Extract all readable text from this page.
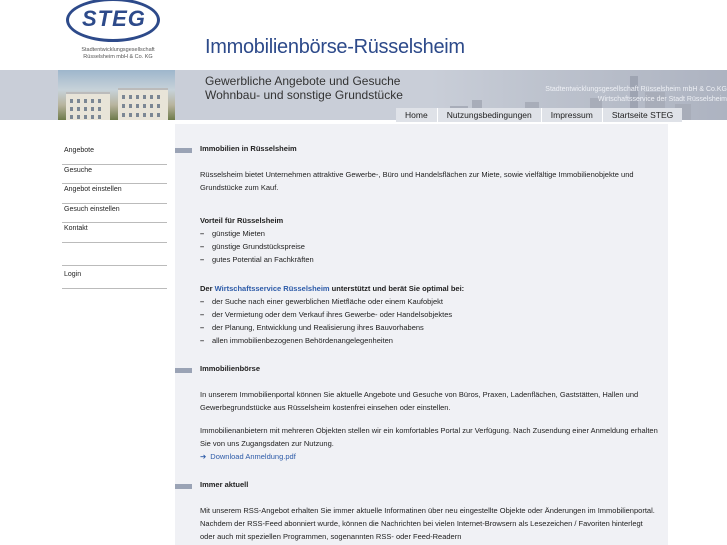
STEG
Stadtentwicklungsgesellschaft
Rüsselsheim mbH & Co. KG	Immobilienbörse-Rüsselsheim
Gewerbliche Angebote und Gesuche
Wohnbau- und sonstige Grundstücke	Stadtentwicklungsgesellschaft Rüsselsheim mbH & Co.KG
Wirtschaftsservice der Stadt Rüsselsheim
Home	Nutzungsbedingungen	Impressum	Startseite STEG
Angebote
Gesuche
Angebot einstellen
Gesuch einstellen
Kontakt
Login
Immobilien in Rüsselsheim
Rüsselsheim bietet Unternehmen attraktive Gewerbe-, Büro und Handelsflächen zur Miete, sowie vielfältige Immobilienobjekte und Grundstücke zum Kauf.
Vorteil für Rüsselsheim
– günstige Mieten
– günstige Grundstückspreise
– gutes Potential an Fachkräften
Der Wirtschaftsservice Rüsselsheim unterstützt und berät Sie optimal bei:
– der Suche nach einer gewerblichen Mietfläche oder einem Kaufobjekt
– der Vermietung oder dem Verkauf ihres Gewerbe- oder Handelsobjektes
– der Planung, Entwicklung und Realisierung ihres Bauvorhabens
– allen immobilienbezogenen Behördenangelegenheiten
Immobilienbörse
In unserem Immobilienportal können Sie aktuelle Angebote und Gesuche von Büros, Praxen, Ladenflächen, Gaststätten, Hallen und Gewerbegrundstücke aus Rüsselsheim kostenfrei einsehen oder einstellen.
Immobilienanbietern mit mehreren Objekten stellen wir ein komfortables Portal zur Verfügung. Nach Zusendung einer Anmeldung erhalten Sie von uns Zugangsdaten zur Nutzung.
➔ Download Anmeldung.pdf
Immer aktuell
Mit unserem RSS-Angebot erhalten Sie immer aktuelle Informatinen über neu eingestellte Objekte oder Änderungen im Immobilienportal. Nachdem der RSS-Feed abonniert wurde, können die Nachrichten bei vielen Internet-Browsern als Lesezeichen / Favoriten hinterlegt oder auch mit speziellen Programmen, sogenannten RSS- oder Feed-Readern
